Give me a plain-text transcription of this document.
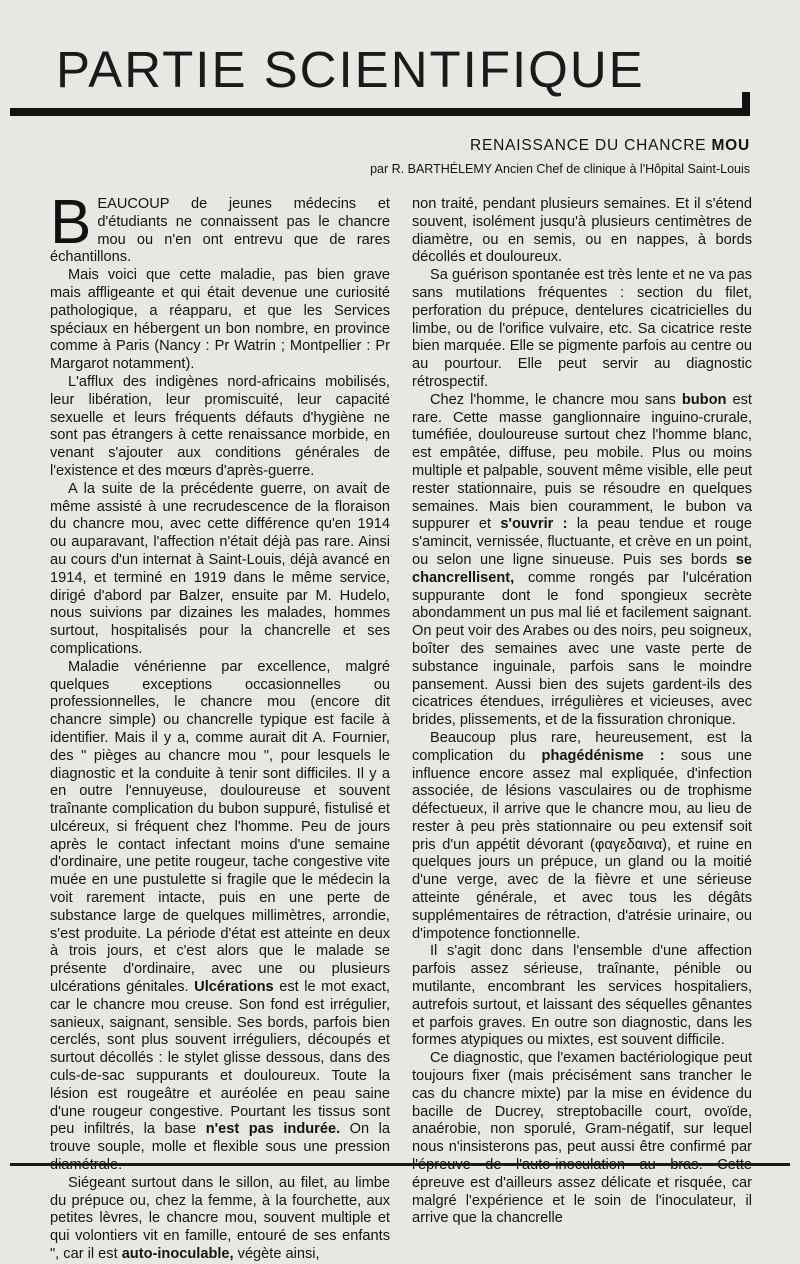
PARTIE SCIENTIFIQUE
RENAISSANCE DU CHANCRE MOU
par R. BARTHÉLEMY Ancien Chef de clinique à l'Hôpital Saint-Louis

BEAUCOUP de jeunes médecins et d'étudiants ne connaissent pas le chancre mou ou n'en ont entrevu que de rares échantillons.

Mais voici que cette maladie, pas bien grave mais affligeante et qui était devenue une curiosité pathologique, a réapparu, et que les Services spéciaux en hébergent un bon nombre, en province comme à Paris (Nancy : Pr Watrin ; Montpellier : Pr Margarot notamment).

L'afflux des indigènes nord-africains mobilisés, leur libération, leur promiscuité, leur capacité sexuelle et leurs fréquents défauts d'hygiène ne sont pas étrangers à cette renaissance morbide, en venant s'ajouter aux conditions générales de l'existence et des mœurs d'après-guerre.

A la suite de la précédente guerre, on avait de même assisté à une recrudescence de la floraison du chancre mou, avec cette différence qu'en 1914 ou auparavant, l'affection n'était déjà pas rare. Ainsi au cours d'un internat à Saint-Louis, déjà avancé en 1914, et terminé en 1919 dans le même service, dirigé d'abord par Balzer, ensuite par M. Hudelo, nous suivions par dizaines les malades, hommes surtout, hospitalisés pour la chancrelle et ses complications.

Maladie vénérienne par excellence, malgré quelques exceptions occasionnelles ou professionnelles, le chancre mou (encore dit chancre simple) ou chancrelle typique est facile à identifier. Mais il y a, comme aurait dit A. Fournier, des " pièges au chancre mou ", pour lesquels le diagnostic et la conduite à tenir sont difficiles. Il y a en outre l'ennuyeuse, douloureuse et souvent traînante complication du bubon suppuré, fistulisé et ulcéreux, si fréquent chez l'homme. Peu de jours après le contact infectant moins d'une semaine d'ordinaire, une petite rougeur, tache congestive vite muée en une pustulette si fragile que le médecin la voit rarement intacte, puis en une perte de substance large de quelques millimètres, arrondie, s'est produite. La période d'état est atteinte en deux à trois jours, et c'est alors que le malade se présente d'ordinaire, avec une ou plusieurs ulcérations génitales. Ulcérations est le mot exact, car le chancre mou creuse. Son fond est irrégulier, sanieux, saignant, sensible. Ses bords, parfois bien cerclés, sont plus souvent irréguliers, découpés et surtout décollés : le stylet glisse dessous, dans des culs-de-sac suppurants et douloureux. Toute la lésion est rougeâtre et auréolée en peau saine d'une rougeur congestive. Pourtant les tissus sont peu infiltrés, la base n'est pas indurée. On la trouve souple, molle et flexible sous une pression

Siégeant surtout dans le sillon, au filet, au limbe du prépuce ou, chez la femme, à la fourchette, aux petites lèvres, le chancre mou, souvent multiple et qui volontiers vit en famille, entouré de ses enfants ", car il est auto-inoculable, végète ainsi,

non traité, pendant plusieurs semaines. Et il s'étend souvent, isolément jusqu'à plusieurs centimètres de diamètre, ou en semis, ou en nappes, à bords décollés et douloureux.

Sa guérison spontanée est très lente et ne va pas sans mutilations fréquentes : section du filet, perforation du prépuce, dentelures cicatricielles du limbe, ou de l'orifice vulvaire, etc. Sa cicatrice reste bien marquée. Elle se pigmente parfois au centre ou au pourtour. Elle peut servir au diagnostic rétrospectif.

Chez l'homme, le chancre mou sans bubon est rare. Cette masse ganglionnaire inguino-crurale, tuméfiée, douloureuse surtout chez l'homme blanc, est empâtée, diffuse, peu mobile. Plus ou moins multiple et palpable, souvent même visible, elle peut rester stationnaire, puis se résoudre en quelques semaines. Mais bien couramment, le bubon va suppurer et s'ouvrir : la peau tendue et rouge s'amincit, vernissée, fluctuante, et crève en un point, ou selon une ligne sinueuse. Puis ses bords se chancrellisent, comme rongés par l'ulcération suppurante dont le fond spongieux secrète abondamment un pus mal lié et facilement saignant. On peut voir des Arabes ou des noirs, peu soigneux, boîter des semaines avec une vaste perte de substance inguinale, parfois sans le moindre pansement. Aussi bien des sujets gardent-ils des cicatrices étendues, irrégulières et vicieuses, avec brides, plissements, et de la fissuration chronique.

Beaucoup plus rare, heureusement, est la complication du phagédénisme : sous une influence encore assez mal expliquée, d'infection associée, de lésions vasculaires ou de trophisme défectueux, il arrive que le chancre mou, au lieu de rester à peu près stationnaire ou peu extensif soit pris d'un appétit dévorant (φαγεδαινα), et ruine en quelques jours un prépuce, un gland ou la moitié d'une verge, avec de la fièvre et une sérieuse atteinte générale, et avec tous les dégâts supplémentaires de rétraction, d'atrésie urinaire, ou d'impotence fonctionnelle.

Il s'agit donc dans l'ensemble d'une affection parfois assez sérieuse, traînante, pénible ou mutilante, encombrant les services hospitaliers, autrefois surtout, et laissant des séquelles gênantes et parfois graves. En outre son diagnostic, dans les formes atypiques ou mixtes, est souvent difficile.

Ce diagnostic, que l'examen bactériologique peut toujours fixer (mais précisément sans trancher le cas du chancre mixte) par la mise en évidence du bacille de Ducrey, streptobacille court, ovoïde, anaérobie, non sporulé, Gram-négatif, sur lequel nous n'insisterons pas, peut aussi être confirmé par épreuve est d'ailleurs assez délicate et risquée, car malgré l'expérience et le soin de l'inoculateur, il arrive que la chancrelle
